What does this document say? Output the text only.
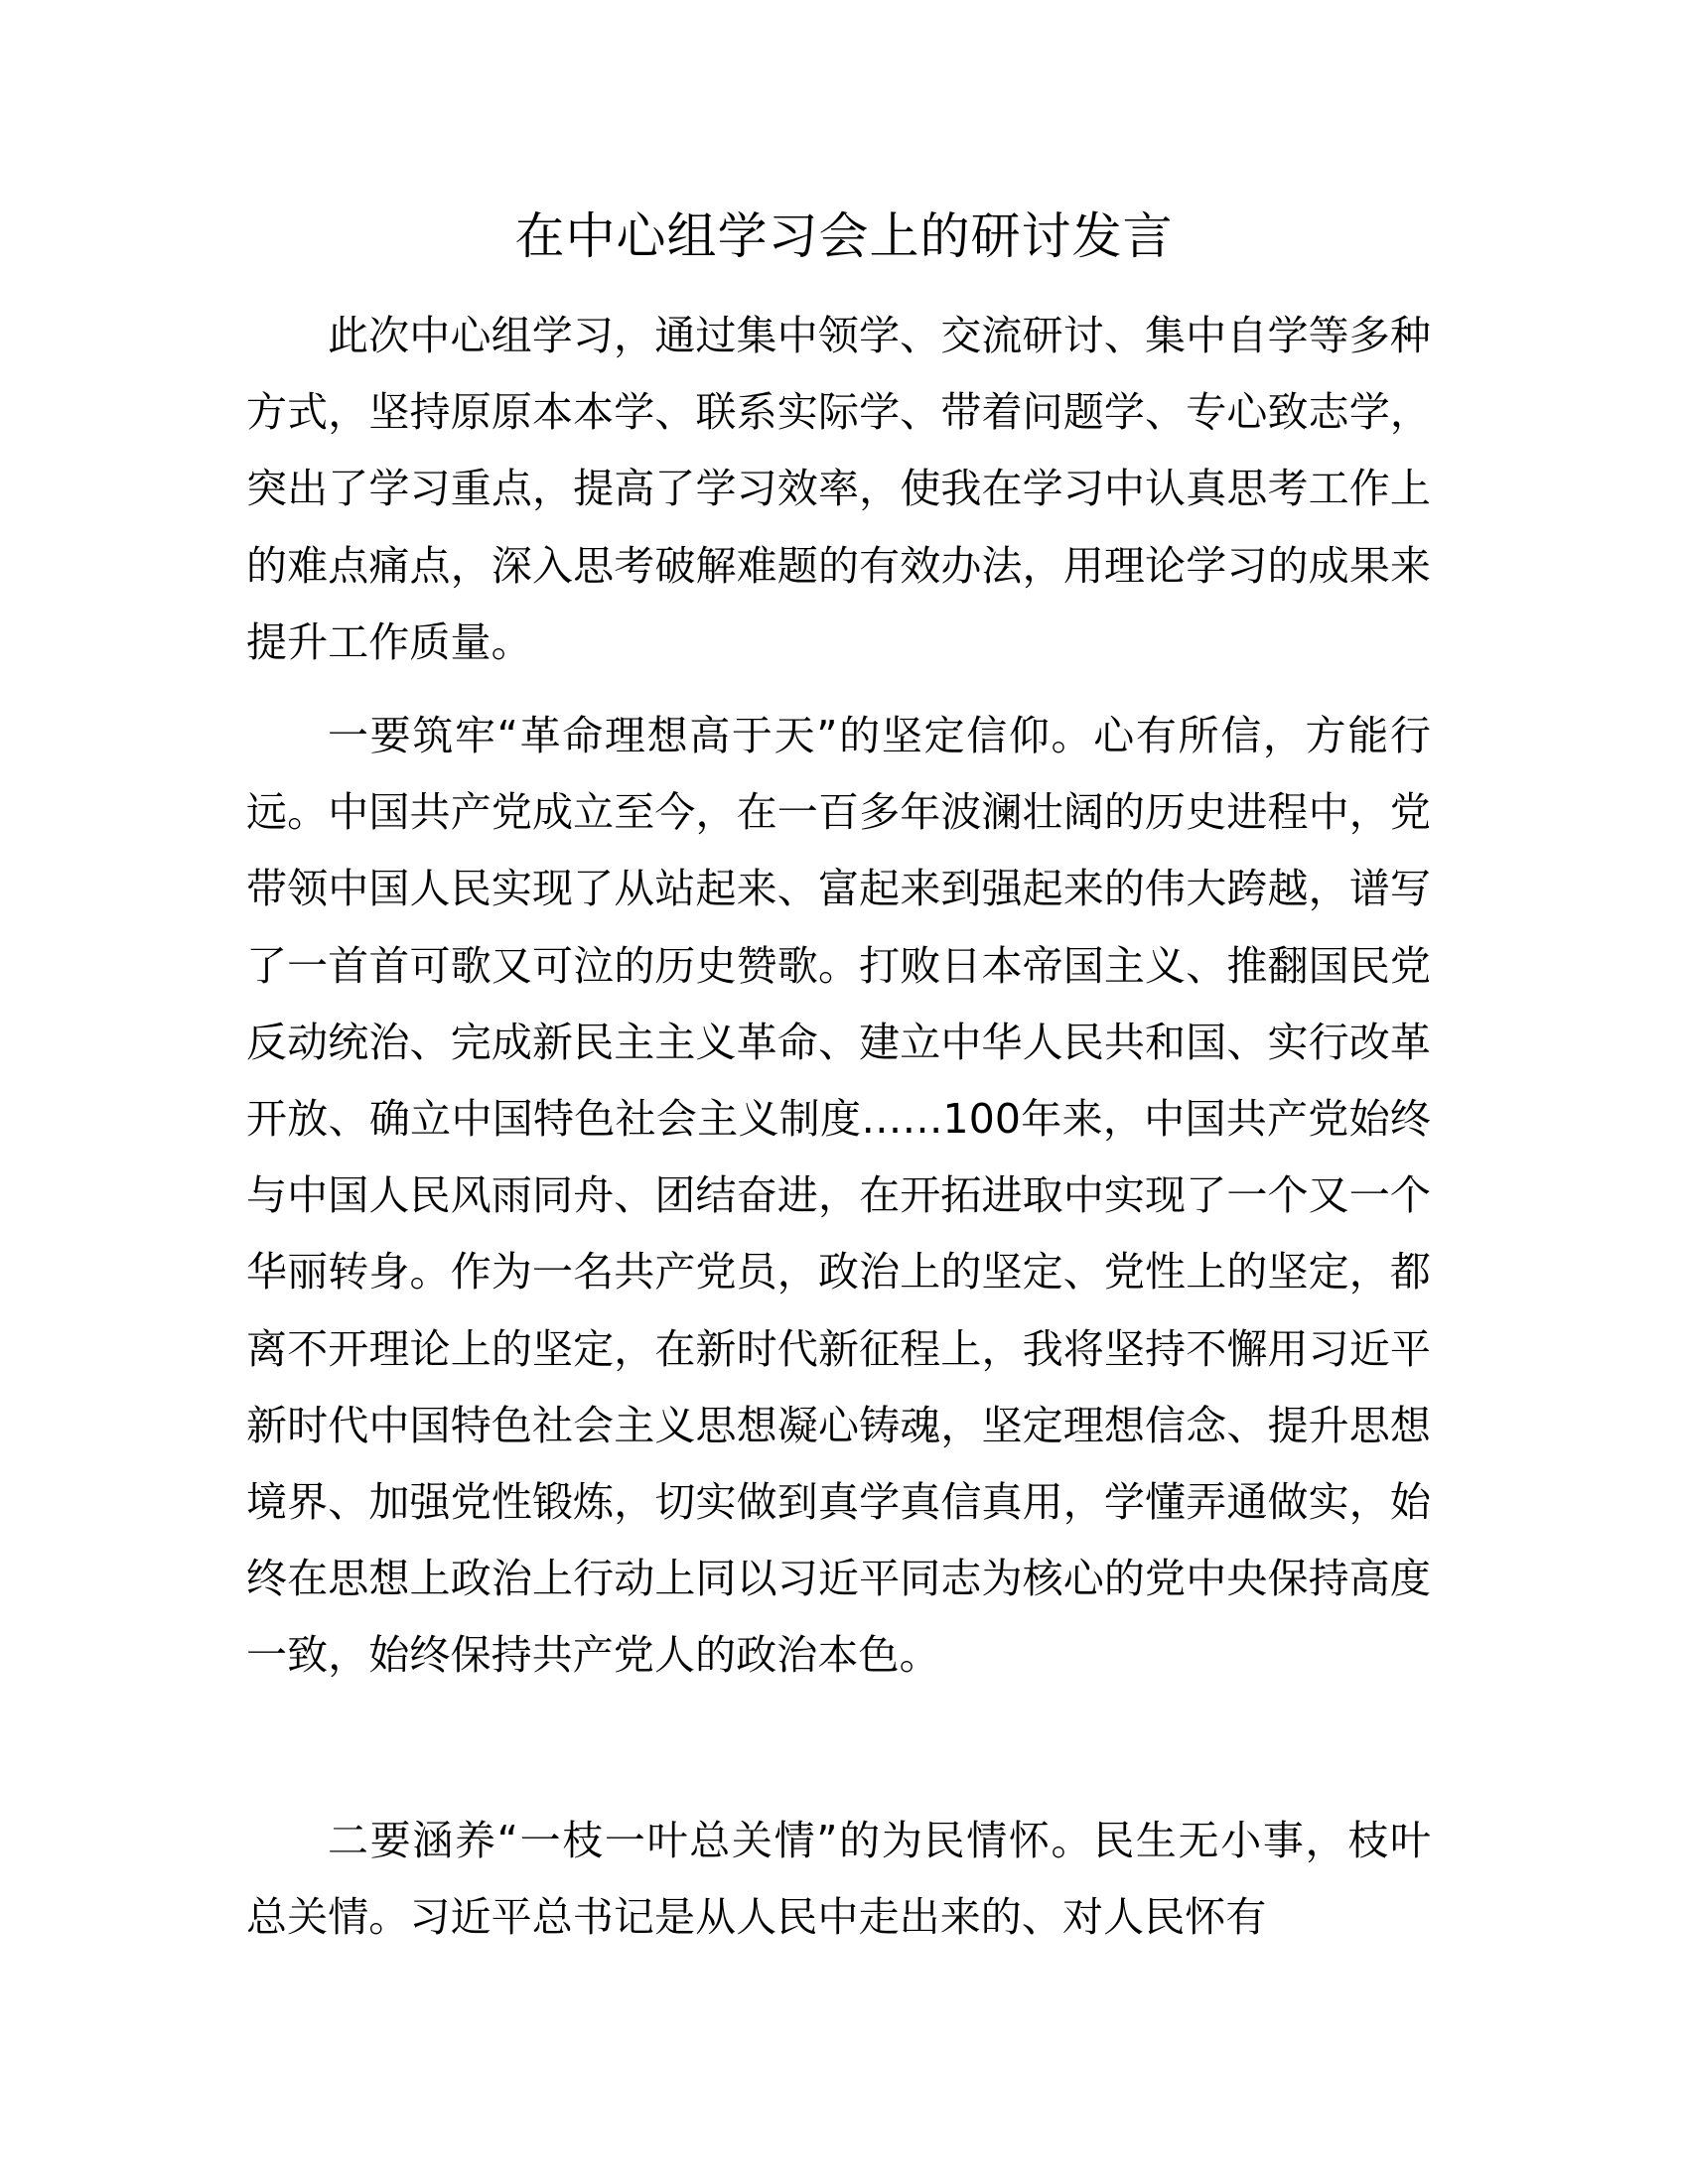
在中心组学习会上的研讨发言

此次中心组学习，通过集中领学、交流研讨、集中自学等多种方式，坚持原原本本学、联系实际学、带着问题学、专心致志学，突出了学习重点，提高了学习效率，使我在学习中认真思考工作上的难点痛点，深入思考破解难题的有效办法，用理论学习的成果来提升工作质量。

一要筑牢“革命理想高于天”的坚定信仰。心有所信，方能行远。中国共产党成立至今，在一百多年波澜壮阔的历史进程中，党带领中国人民实现了从站起来、富起来到强起来的伟大跨越，谱写了一首首可歌又可泣的历史赞歌。打败日本帝国主义、推翻国民党反动统治、完成新民主主义革命、建立中华人民共和国、实行改革开放、确立中国特色社会主义制度……100年来，中国共产党始终与中国人民风雨同舟、团结奋进，在开拓进取中实现了一个又一个华丽转身。作为一名共产党员，政治上的坚定、党性上的坚定，都离不开理论上的坚定，在新时代新征程上，我将坚持不懈用习近平新时代中国特色社会主义思想凝心铸魂，坚定理想信念、提升思想境界、加强党性锻炼，切实做到真学真信真用，学懂弄通做实，始终在思想上政治上行动上同以习近平同志为核心的党中央保持高度一致，始终保持共产党人的政治本色。

二要涵养“一枝一叶总关情”的为民情怀。民生无小事，枝叶总关情。习近平总书记是从人民中走出来的、对人民怀有
